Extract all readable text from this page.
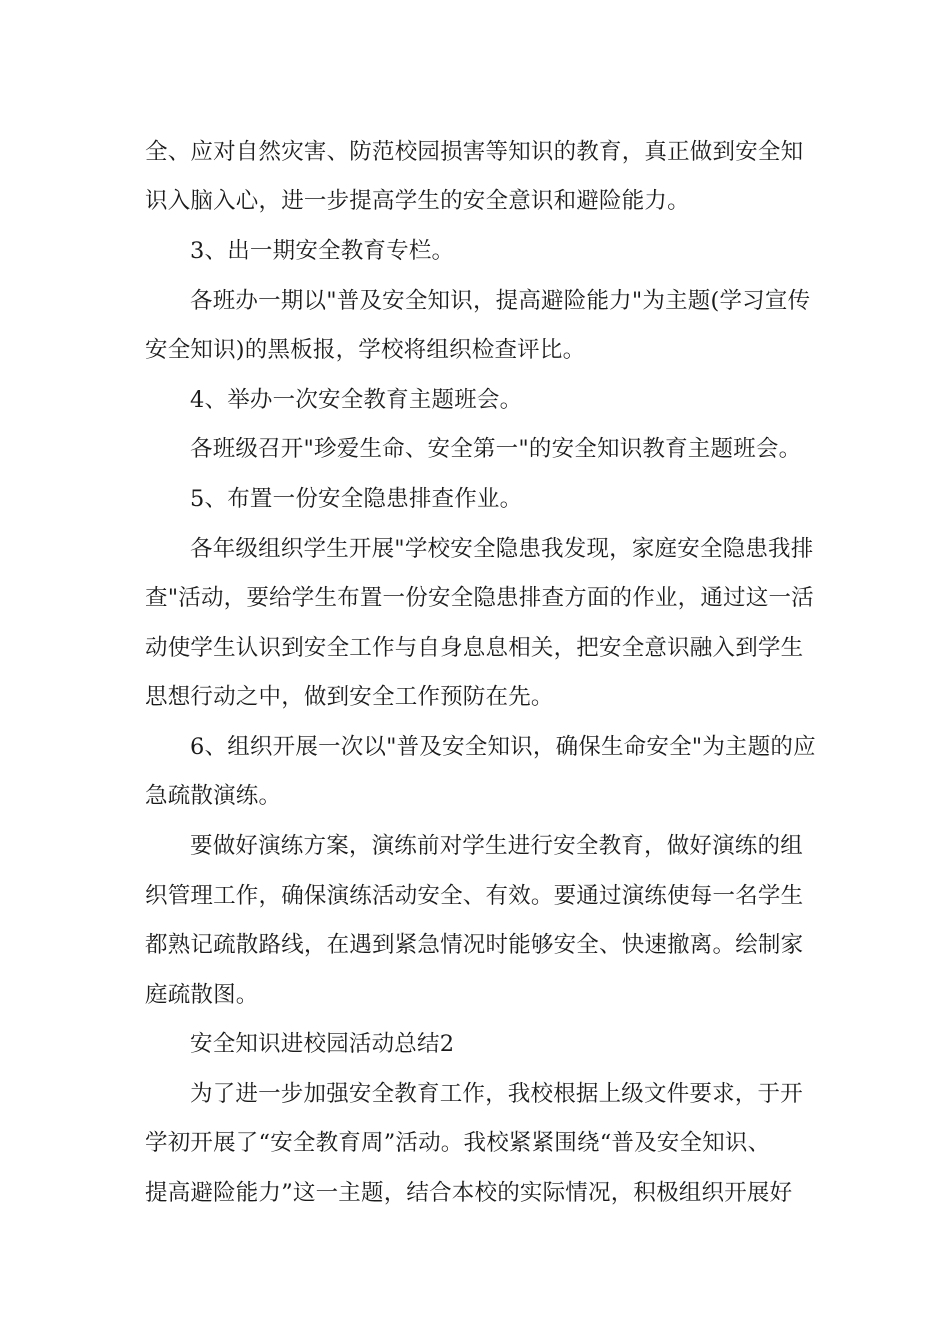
全、应对自然灾害、防范校园损害等知识的教育，真正做到安全知
识入脑入心，进一步提高学生的安全意识和避险能力。
3、出一期安全教育专栏。
各班办一期以"普及安全知识，提高避险能力"为主题(学习宣传
安全知识)的黑板报，学校将组织检查评比。
4、举办一次安全教育主题班会。
各班级召开"珍爱生命、安全第一"的安全知识教育主题班会。
5、布置一份安全隐患排查作业。
各年级组织学生开展"学校安全隐患我发现，家庭安全隐患我排
查"活动，要给学生布置一份安全隐患排查方面的作业，通过这一活
动使学生认识到安全工作与自身息息相关，把安全意识融入到学生
思想行动之中，做到安全工作预防在先。
6、组织开展一次以"普及安全知识，确保生命安全"为主题的应
急疏散演练。
要做好演练方案，演练前对学生进行安全教育，做好演练的组
织管理工作，确保演练活动安全、有效。要通过演练使每一名学生
都熟记疏散路线，在遇到紧急情况时能够安全、快速撤离。绘制家
庭疏散图。
安全知识进校园活动总结2
为了进一步加强安全教育工作，我校根据上级文件要求，于开
学初开展了“安全教育周”活动。我校紧紧围绕“普及安全知识、
提高避险能力”这一主题，结合本校的实际情况，积极组织开展好
